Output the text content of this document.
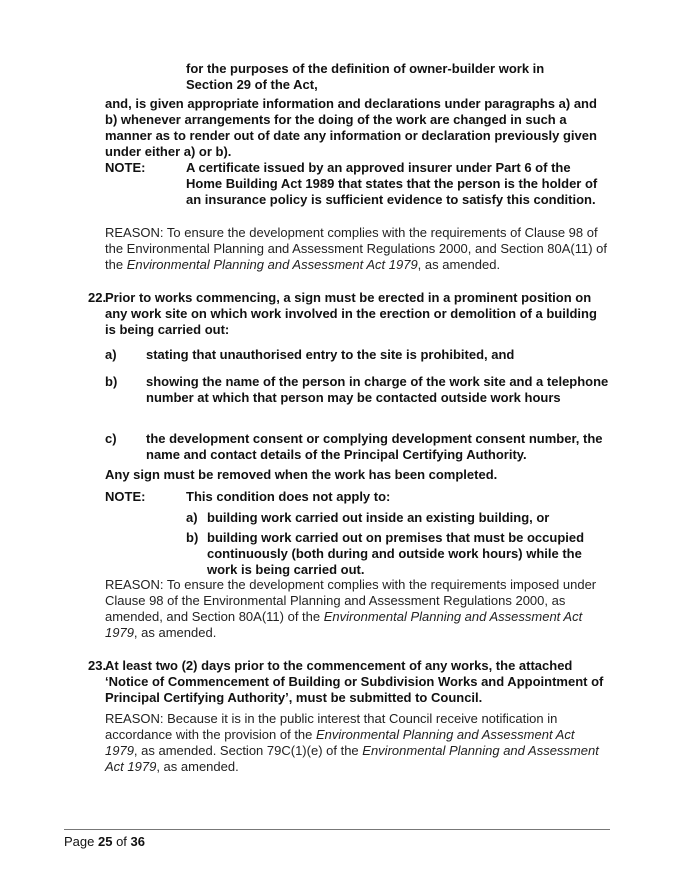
for the purposes of the definition of owner-builder work in Section 29 of the Act,
and, is given appropriate information and declarations under paragraphs a) and b) whenever arrangements for the doing of the work are changed in such a manner as to render out of date any information or declaration previously given under either a) or b).
NOTE:	A certificate issued by an approved insurer under Part 6 of the Home Building Act 1989 that states that the person is the holder of an insurance policy is sufficient evidence to satisfy this condition.
REASON: To ensure the development complies with the requirements of Clause 98 of the Environmental Planning and Assessment Regulations 2000, and Section 80A(11) of the Environmental Planning and Assessment Act 1979, as amended.
22.
Prior to works commencing, a sign must be erected in a prominent position on any work site on which work involved in the erection or demolition of a building is being carried out:
a) stating that unauthorised entry to the site is prohibited, and
b) showing the name of the person in charge of the work site and a telephone number at which that person may be contacted outside work hours
c) the development consent or complying development consent number, the name and contact details of the Principal Certifying Authority.
Any sign must be removed when the work has been completed.
NOTE:	This condition does not apply to:
a) building work carried out inside an existing building, or
b) building work carried out on premises that must be occupied continuously (both during and outside work hours) while the work is being carried out.
REASON: To ensure the development complies with the requirements imposed under Clause 98 of the Environmental Planning and Assessment Regulations 2000, as amended, and Section 80A(11) of the Environmental Planning and Assessment Act 1979, as amended.
23.
At least two (2) days prior to the commencement of any works, the attached ‘Notice of Commencement of Building or Subdivision Works and Appointment of Principal Certifying Authority’, must be submitted to Council.
REASON: Because it is in the public interest that Council receive notification in accordance with the provision of the Environmental Planning and Assessment Act 1979, as amended. Section 79C(1)(e) of the Environmental Planning and Assessment Act 1979, as amended.
Page 25 of 36
